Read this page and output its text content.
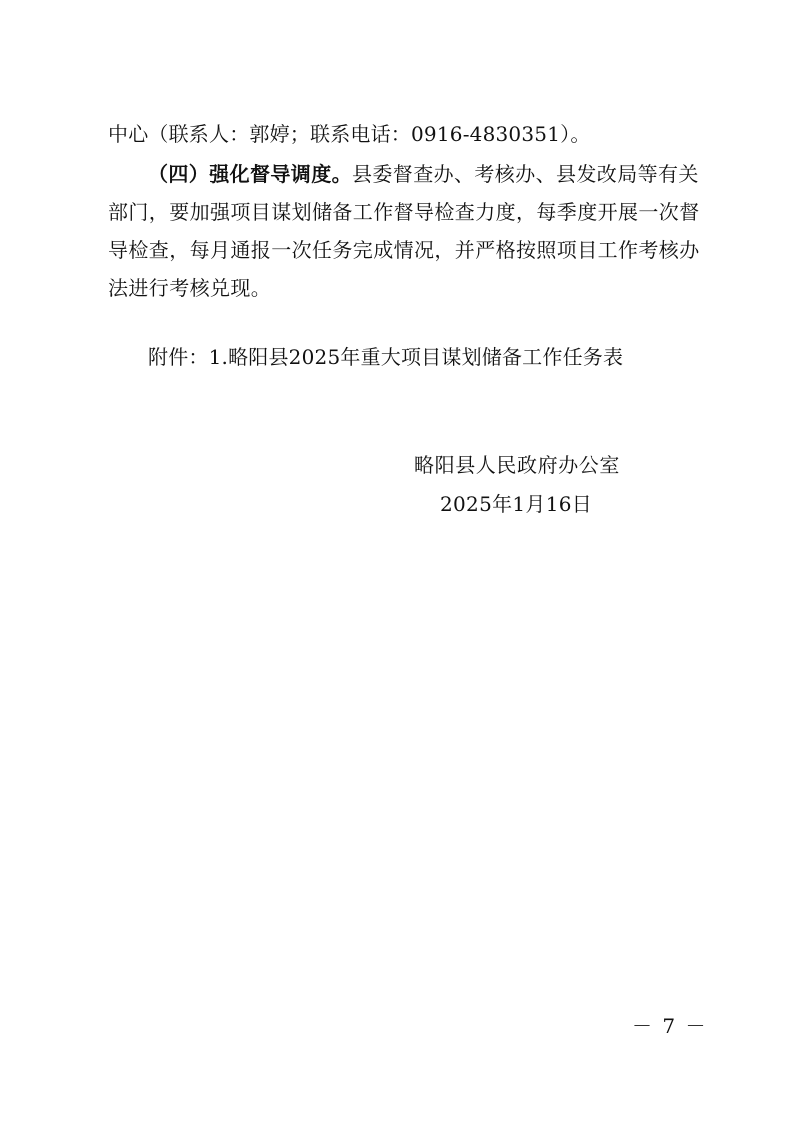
中心（联系人：郭婷；联系电话：0916-4830351）。
（四）强化督导调度。县委督查办、考核办、县发改局等有关部门，要加强项目谋划储备工作督导检查力度，每季度开展一次督导检查，每月通报一次任务完成情况，并严格按照项目工作考核办法进行考核兑现。
附件：1.略阳县2025年重大项目谋划储备工作任务表
略阳县人民政府办公室
2025年1月16日
－ 7 －
